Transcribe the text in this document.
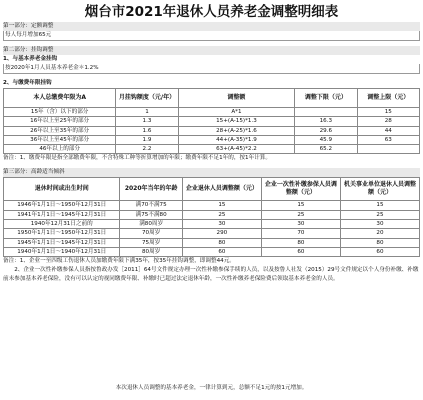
烟台市2021年退休人员养老金调整明细表
第一部分：定额调整
每人每月增加65元
第二部分：挂钩调整
1、与基本养老金挂钩
按2020年1月人员基本养老金＊1.2%
2、与缴费年限挂钩
本人总缴费年限为A	月挂钩额度（元/年）	调整额	调整下限（元）	调整上限（元）
15年（含）以下的部分	1	A*1		15
16年以上至25年的部分	1.3	15+(A-15)*1.3	16.3	28
26年以上至35年的部分	1.6	28+(A-25)*1.6	29.6	44
36年以上至45年的部分	1.9	44+(A-35)*1.9	45.9	63
46年以上的部分	2.2	63+(A-45)*2.2	65.2	
备注：1、缴费年限是指全部缴费年限，不含特殊工种等折算增加的年限；缴费年限不足1年的，按1年计算。
第三部分：高龄适当倾斜
退休时间或出生时间	2020年当年的年龄	企业退休人员调整额（元）	企业一次性补缴参保人员调整额（元）	机关事业单位退休人员调整额（元）
1946年1月1日～1950年12月31日	满70不满75	15	15	15
1941年1月1日～1945年12月31日	满75不满80	25	25	25
1940年12月31日之前的	满80周岁	30	30	30
1950年1月1日～1950年12月31日	70周岁	290	70	20
1945年1月1日～1945年12月31日	75周岁	80	80	80
1940年1月1日～1940年12月31日	80周岁	60	60	60
备注：1、企业一至四级工伤退休人员加缴费年限下满35年，按35年挂钩调整，即调整44元。
2、企业一次性补缴参保人员指按鲁政办发［2011］64号文件规定办理一次性补缴参保手续的人员，以及按鲁人社发（2015）29号文件规定以个人身份补缴、补缴前未参加基本养老保险，没有可以认定的视同缴费年限、补缴时已超过法定退休年龄，一次性补缴养老保险费后领取基本养老金的人员。
本次退休人员调整的基本养老金，一律计算到元，总额不足1元的按1元增加。
